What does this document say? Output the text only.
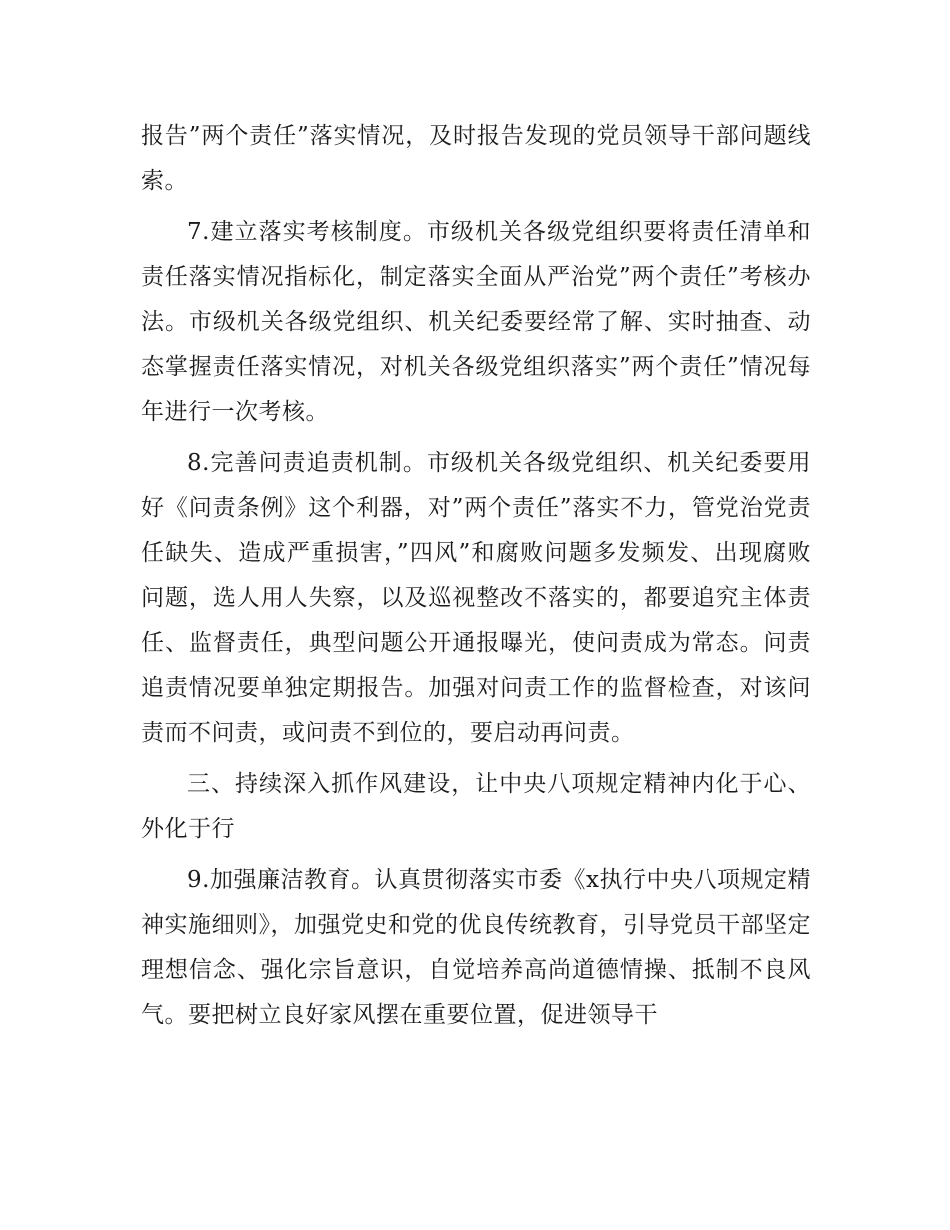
报告”两个责任”落实情况，及时报告发现的党员领导干部问题线索。

7.建立落实考核制度。市级机关各级党组织要将责任清单和责任落实情况指标化，制定落实全面从严治党”两个责任”考核办法。市级机关各级党组织、机关纪委要经常了解、实时抽查、动态掌握责任落实情况，对机关各级党组织落实”两个责任”情况每年进行一次考核。

8.完善问责追责机制。市级机关各级党组织、机关纪委要用好《问责条例》这个利器，对”两个责任”落实不力，管党治党责任缺失、造成严重损害，”四风”和腐败问题多发频发、出现腐败问题，选人用人失察，以及巡视整改不落实的，都要追究主体责任、监督责任，典型问题公开通报曝光，使问责成为常态。问责追责情况要单独定期报告。加强对问责工作的监督检查，对该问责而不问责，或问责不到位的，要启动再问责。

三、持续深入抓作风建设，让中央八项规定精神内化于心、外化于行

9.加强廉洁教育。认真贯彻落实市委《x执行中央八项规定精神实施细则》，加强党史和党的优良传统教育，引导党员干部坚定理想信念、强化宗旨意识，自觉培养高尚道德情操、抵制不良风气。要把树立良好家风摆在重要位置，促进领导干
